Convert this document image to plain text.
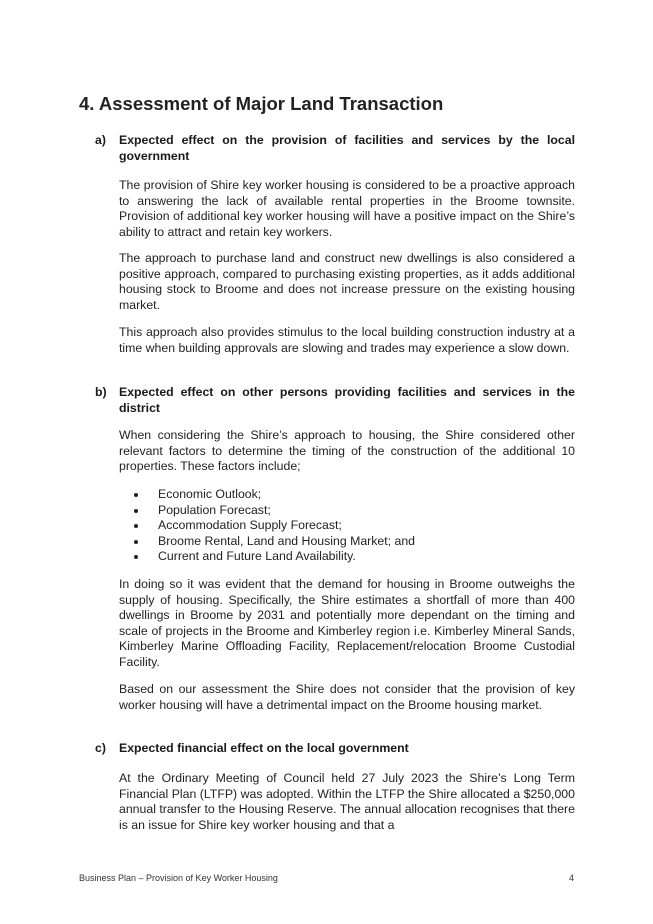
4. Assessment of Major Land Transaction
a)	Expected effect on the provision of facilities and services by the local government

The provision of Shire key worker housing is considered to be a proactive approach to answering the lack of available rental properties in the Broome townsite. Provision of additional key worker housing will have a positive impact on the Shire’s ability to attract and retain key workers.

The approach to purchase land and construct new dwellings is also considered a positive approach, compared to purchasing existing properties, as it adds additional housing stock to Broome and does not increase pressure on the existing housing market.

This approach also provides stimulus to the local building construction industry at a time when building approvals are slowing and trades may experience a slow down.

b)	Expected effect on other persons providing facilities and services in the district

When considering the Shire’s approach to housing, the Shire considered other relevant factors to determine the timing of the construction of the additional 10 properties. These factors include;

Economic Outlook;
Population Forecast;
Accommodation Supply Forecast;
Broome Rental, Land and Housing Market; and
Current and Future Land Availability.

In doing so it was evident that the demand for housing in Broome outweighs the supply of housing. Specifically, the Shire estimates a shortfall of more than 400 dwellings in Broome by 2031 and potentially more dependant on the timing and scale of projects in the Broome and Kimberley region i.e. Kimberley Mineral Sands, Kimberley Marine Offloading Facility, Replacement/relocation Broome Custodial Facility.

Based on our assessment the Shire does not consider that the provision of key worker housing will have a detrimental impact on the Broome housing market.

c)	Expected financial effect on the local government

At the Ordinary Meeting of Council held 27 July 2023 the Shire’s Long Term Financial Plan (LTFP) was adopted. Within the LTFP the Shire allocated a $250,000 annual transfer to the Housing Reserve. The annual allocation recognises that there is an issue for Shire key worker housing and that a

Business Plan – Provision of Key Worker Housing	4
